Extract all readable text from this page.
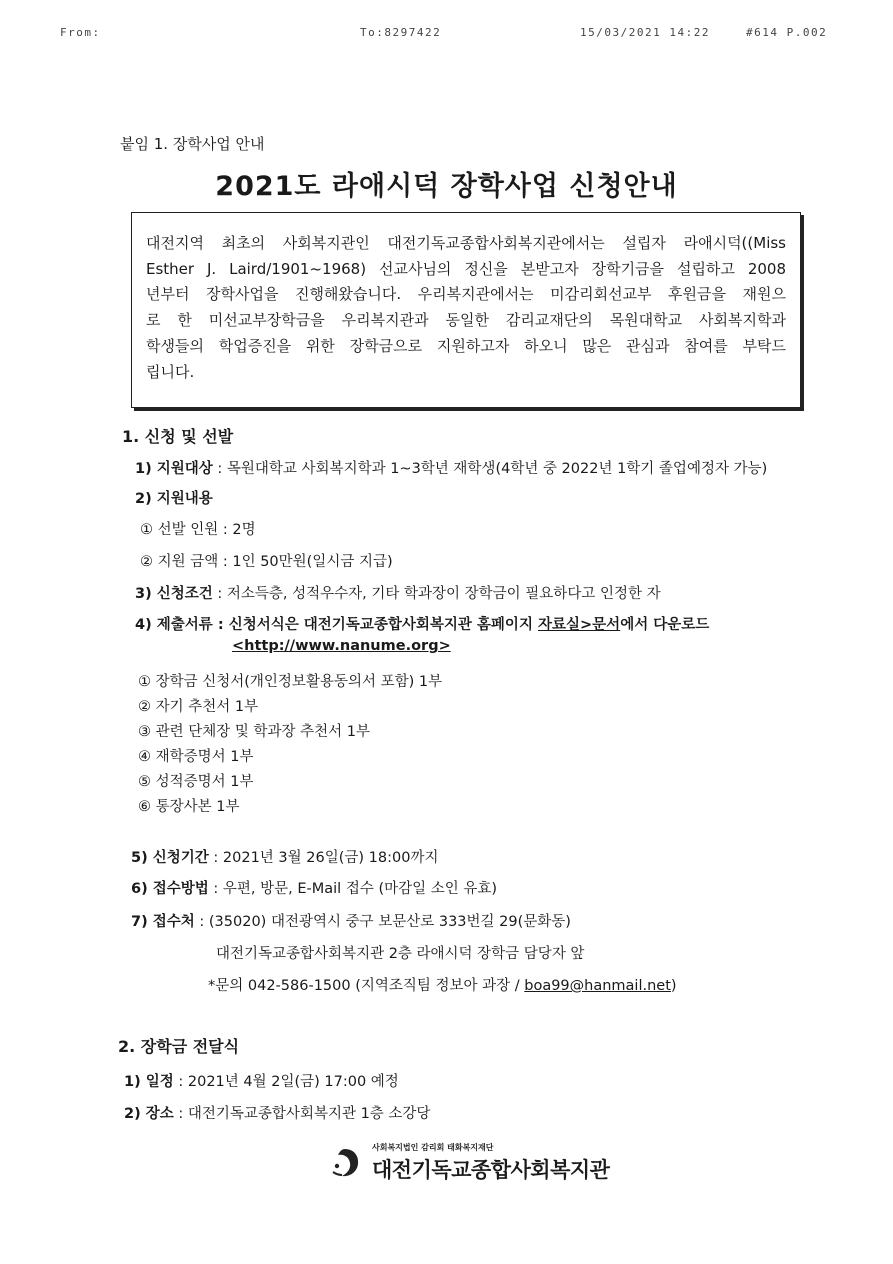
From:	To:8297422	15/03/2021 14:22	#614 P.002
붙임 1. 장학사업 안내
2021도 라애시덕 장학사업 신청안내
대전지역 최초의 사회복지관인 대전기독교종합사회복지관에서는 설립자 라애시덕((Miss
Esther J. Laird/1901~1968) 선교사님의 정신을 본받고자 장학기금을 설립하고 2008
년부터 장학사업을 진행해왔습니다. 우리복지관에서는 미감리회선교부 후원금을 재원으
로 한 미선교부장학금을 우리복지관과 동일한 감리교재단의 목원대학교 사회복지학과
학생들의 학업증진을 위한 장학금으로 지원하고자 하오니 많은 관심과 참여를 부탁드
립니다.
1. 신청 및 선발
1) 지원대상 : 목원대학교 사회복지학과 1~3학년 재학생(4학년 중 2022년 1학기 졸업예정자 가능)
2) 지원내용
① 선발 인원 : 2명
② 지원 금액 : 1인 50만원(일시금 지급)
3) 신청조건 : 저소득층, 성적우수자, 기타 학과장이 장학금이 필요하다고 인정한 자
4) 제출서류 : 신청서식은 대전기독교종합사회복지관 홈페이지 자료실>문서에서 다운로드
<http://www.nanume.org>
① 장학금 신청서(개인정보활용동의서 포함) 1부
② 자기 추천서 1부
③ 관련 단체장 및 학과장 추천서 1부
④ 재학증명서 1부
⑤ 성적증명서 1부
⑥ 통장사본 1부
5) 신청기간 : 2021년 3월 26일(금) 18:00까지
6) 접수방법 : 우편, 방문, E-Mail 접수 (마감일 소인 유효)
7) 접수처 : (35020) 대전광역시 중구 보문산로 333번길 29(문화동)
대전기독교종합사회복지관 2층 라애시덕 장학금 담당자 앞
*문의 042-586-1500 (지역조직팀 정보아 과장 / boa99@hanmail.net)
2. 장학금 전달식
1) 일정 : 2021년 4월 2일(금) 17:00 예정
2) 장소 : 대전기독교종합사회복지관 1층 소강당
사회복지법인 감리회 태화복지재단
대전기독교종합사회복지관
